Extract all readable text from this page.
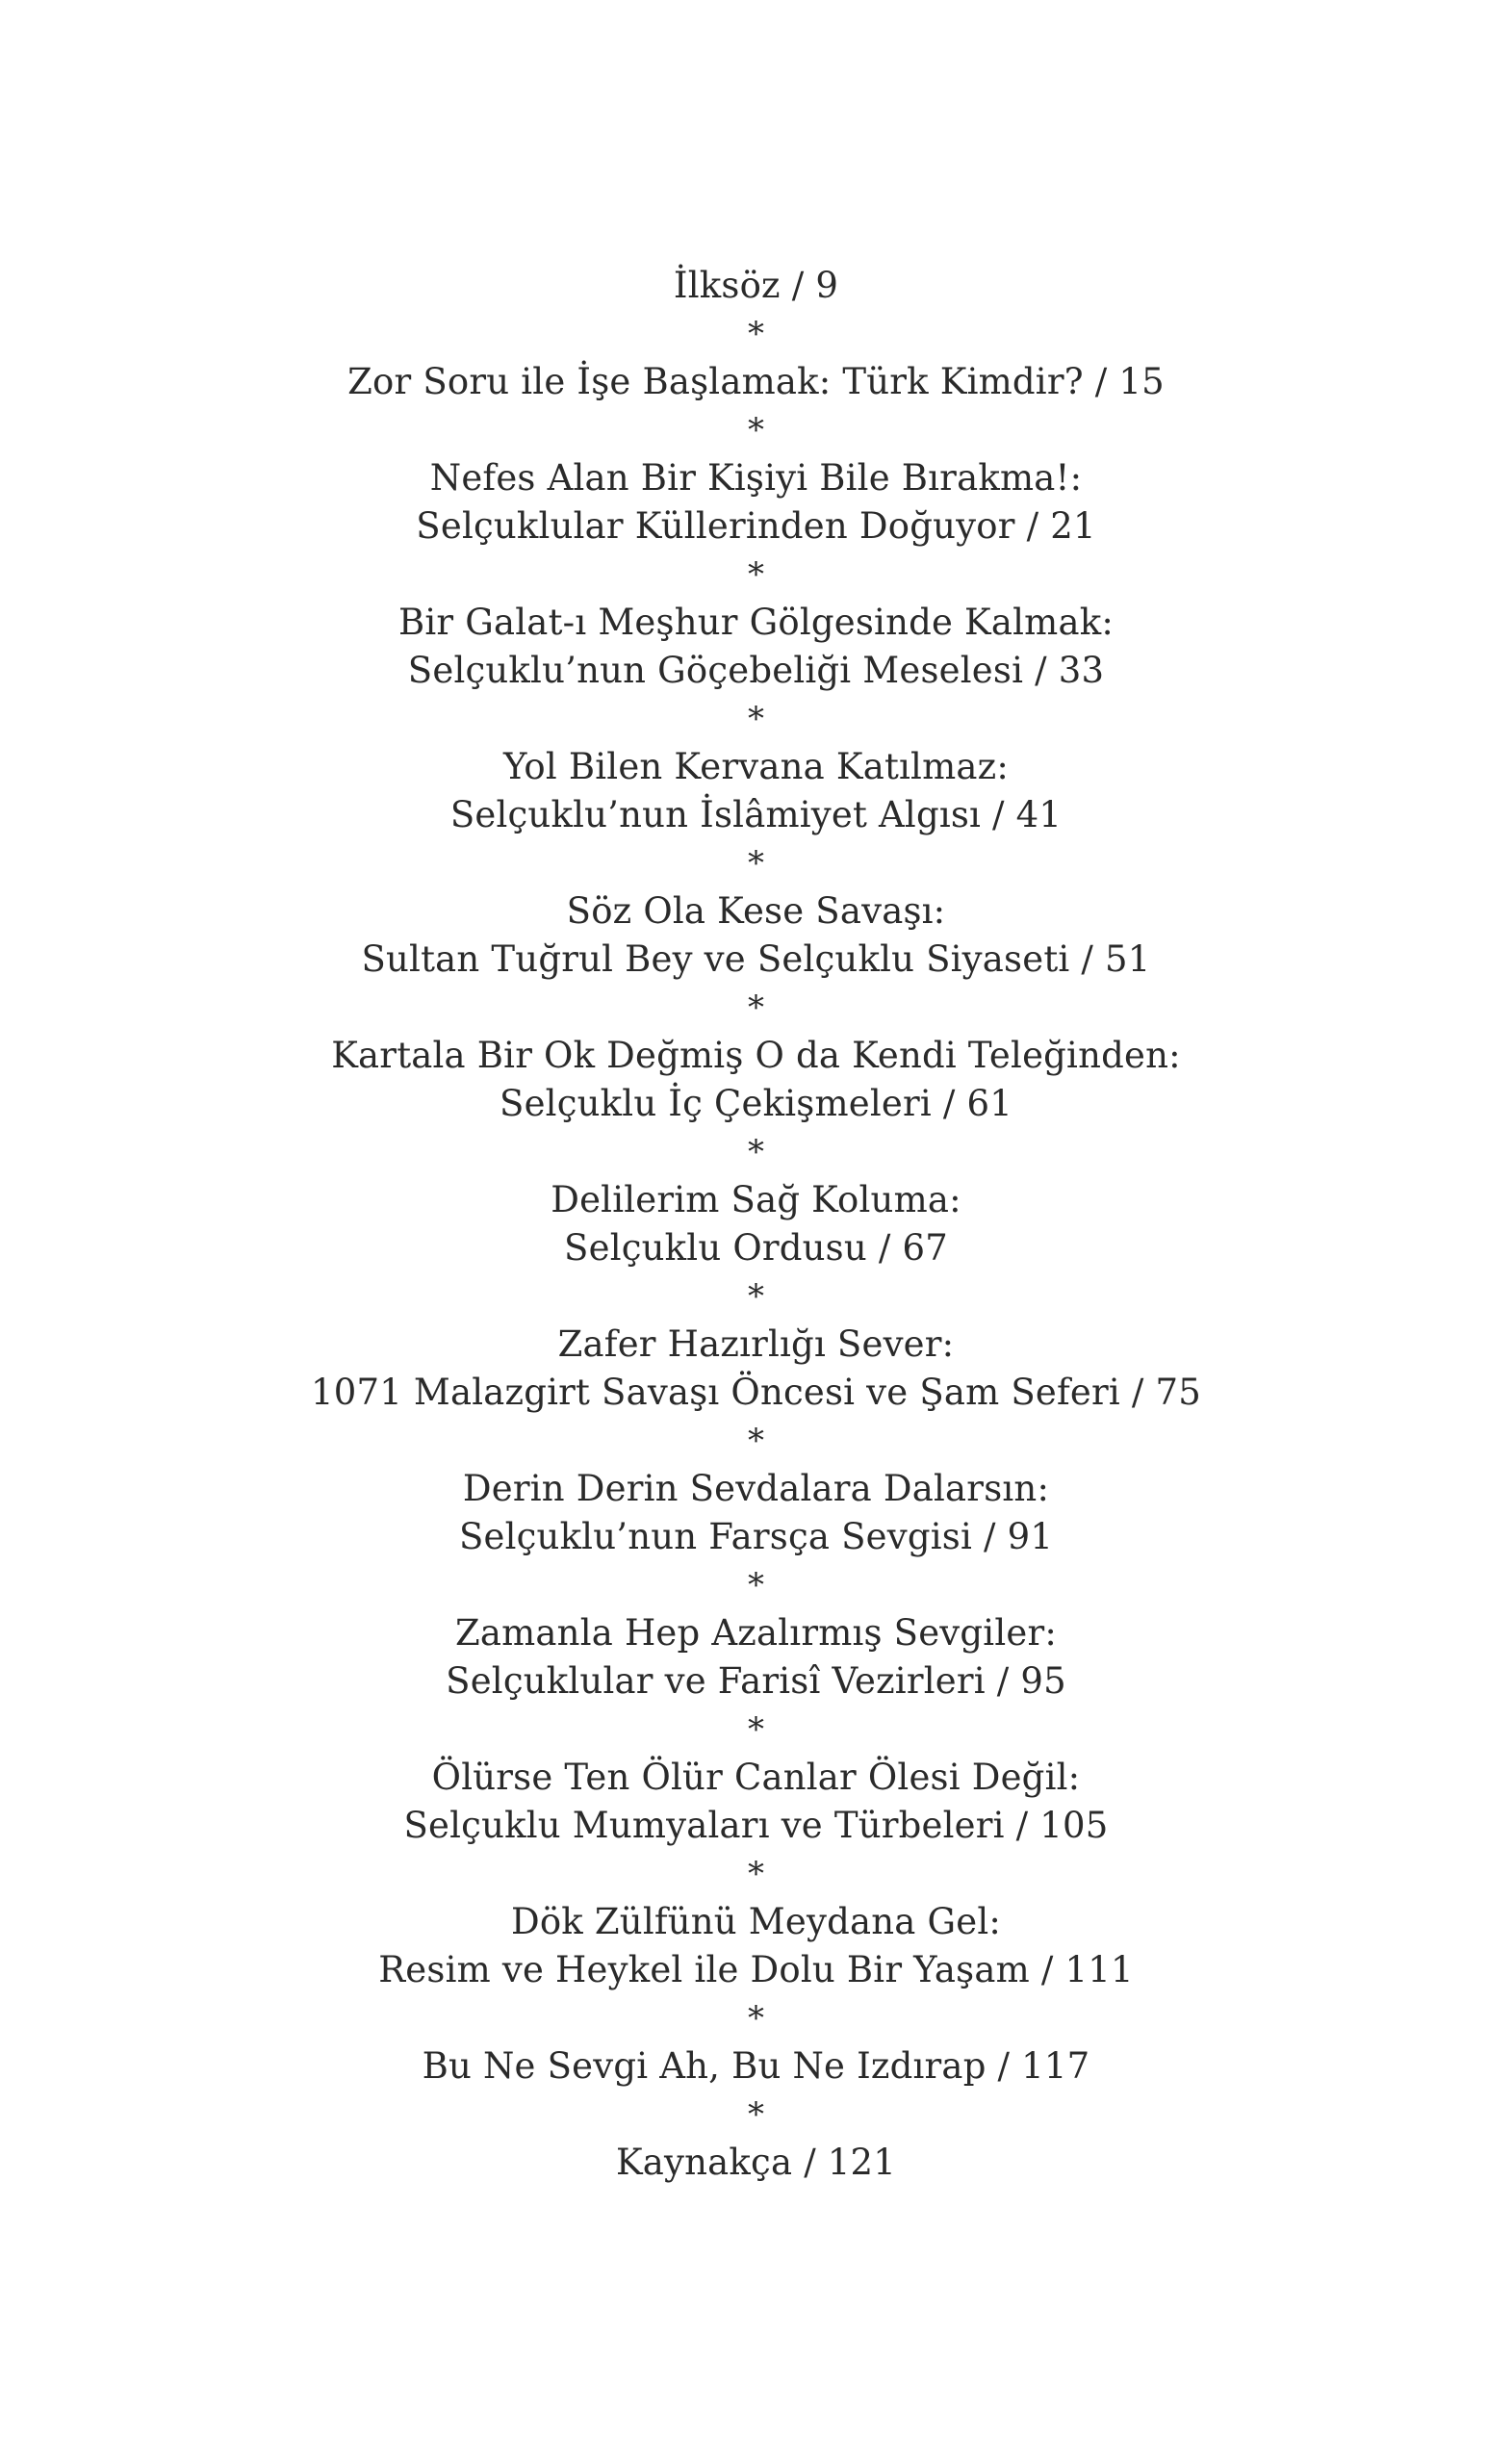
İlksöz / 9
*
Zor Soru ile İşe Başlamak: Türk Kimdir? / 15
*
Nefes Alan Bir Kişiyi Bile Bırakma!:
Selçuklular Küllerinden Doğuyor / 21
*
Bir Galat-ı Meşhur Gölgesinde Kalmak:
Selçuklu’nun Göçebeliği Meselesi / 33
*
Yol Bilen Kervana Katılmaz:
Selçuklu’nun İslâmiyet Algısı / 41
*
Söz Ola Kese Savaşı:
Sultan Tuğrul Bey ve Selçuklu Siyaseti / 51
*
Kartala Bir Ok Değmiş O da Kendi Teleğinden:
Selçuklu İç Çekişmeleri / 61
*
Delilerim Sağ Koluma:
Selçuklu Ordusu / 67
*
Zafer Hazırlığı Sever:
1071 Malazgirt Savaşı Öncesi ve Şam Seferi / 75
*
Derin Derin Sevdalara Dalarsın:
Selçuklu’nun Farsça Sevgisi / 91
*
Zamanla Hep Azalırmış Sevgiler:
Selçuklular ve Farisî Vezirleri / 95
*
Ölürse Ten Ölür Canlar Ölesi Değil:
Selçuklu Mumyaları ve Türbeleri / 105
*
Dök Zülfünü Meydana Gel:
Resim ve Heykel ile Dolu Bir Yaşam / 111
*
Bu Ne Sevgi Ah, Bu Ne Izdırap / 117
*
Kaynakça / 121
